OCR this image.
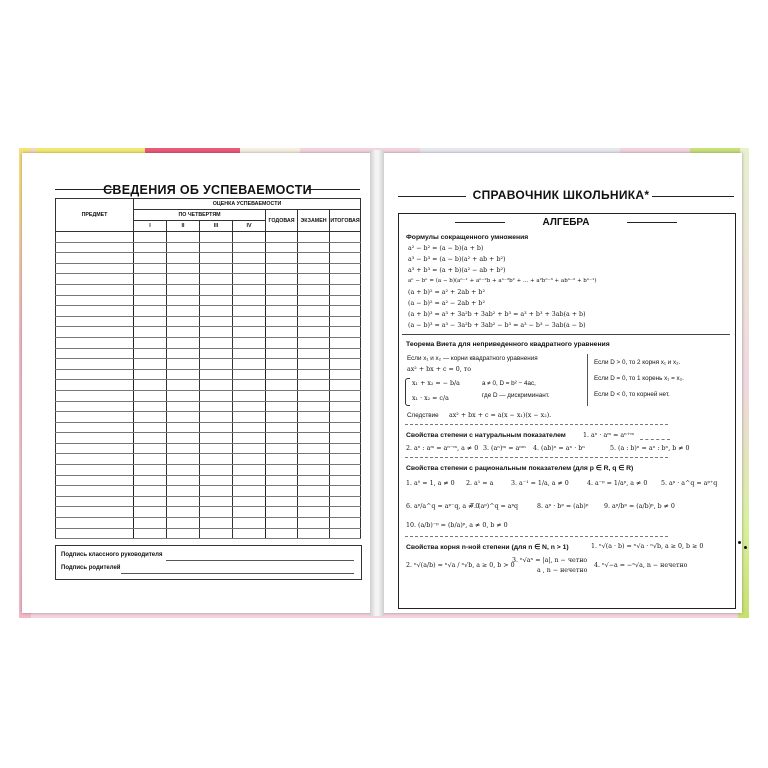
СВЕДЕНИЯ ОБ УСПЕВАЕМОСТИ
ПРЕДМЕТ	ОЦЕНКА УСПЕВАЕМОСТИ						
	ПО ЧЕТВЕРТЯМ				ГОДОВАЯ	ЭКЗАМЕН	ИТОГОВАЯ
	I	II	III	IV			

Подпись классного руководителя
Подпись родителей
СПРАВОЧНИК ШКОЛЬНИКА*
АЛГЕБРА
Формулы сокращенного умножения
a² − b² = (a − b)(a + b)
a³ − b³ = (a − b)(a² + ab + b²)
a³ + b³ = (a + b)(a² − ab + b²)
aⁿ − bⁿ = (a − b)(aⁿ⁻¹ + aⁿ⁻²b + aⁿ⁻³b² + ... + a²bⁿ⁻³ + abⁿ⁻² + bⁿ⁻¹)
(a + b)² = a² + 2ab + b²
(a − b)² = a² − 2ab + b²
(a + b)³ = a³ + 3a²b + 3ab² + b³ = a³ + b³ + 3ab(a + b)
(a − b)³ = a³ − 3a²b + 3ab² − b³ = a³ − b³ − 3ab(a − b)
Теорема Виета для неприведенного квадратного уравнения
Если x₁ и x₂ — корни квадратного уравнения
ax² + bx + c = 0, то
x₁ + x₂ = − b/a
x₁ · x₂ = c/a
a ≠ 0, D = b² − 4ac,
где D — дискриминант.
Если D > 0, то 2 корня x₁ и x₂.
Если D = 0, то 1 корень x₁ = x₂.
Если D < 0, то корней нет.
Следствие ax² + bx + c = a(x − x₁)(x − x₂).
Свойства степени с натуральным показателем	1. aⁿ · aᵐ = aⁿ⁺ᵐ
2. aⁿ : aᵐ = aⁿ⁻ᵐ, a ≠ 0 3. (aⁿ)ᵐ = aⁿᵐ 4. (ab)ⁿ = aⁿ · bⁿ	5. (a : b)ⁿ = aⁿ : bⁿ, b ≠ 0
Свойства степени с рациональным показателем (для p ∈ R, q ∈ R)
1. a⁰ = 1, a ≠ 0 2. a¹ = a	3. a⁻¹ = 1/a, a ≠ 0	4. a⁻ᵖ = 1/aᵖ, a ≠ 0 5. aᵖ · a^q = aᵖ⁺q
6. aᵖ/a^q = aᵖ⁻q, a ≠ 0
7. (aᵖ)^q = aᵖq	8. aᵖ · bᵖ = (ab)ᵖ 9. aᵖ/bᵖ = (a/b)ᵖ, b ≠ 0
10. (a/b)⁻ᵖ = (b/a)ᵖ, a ≠ 0, b ≠ 0
Свойства корня n-ной степени (для n ∈ N, n > 1)	1. ⁿ√(a · b) = ⁿ√a · ⁿ√b, a ≥ 0, b ≥ 0
2. ⁿ√(a/b) = ⁿ√a / ⁿ√b, a ≥ 0, b > 0
3. ⁿ√aⁿ = |a|, n − четно
a , n − нечетно
4. ⁿ√−a = −ⁿ√a, n − нечетно
